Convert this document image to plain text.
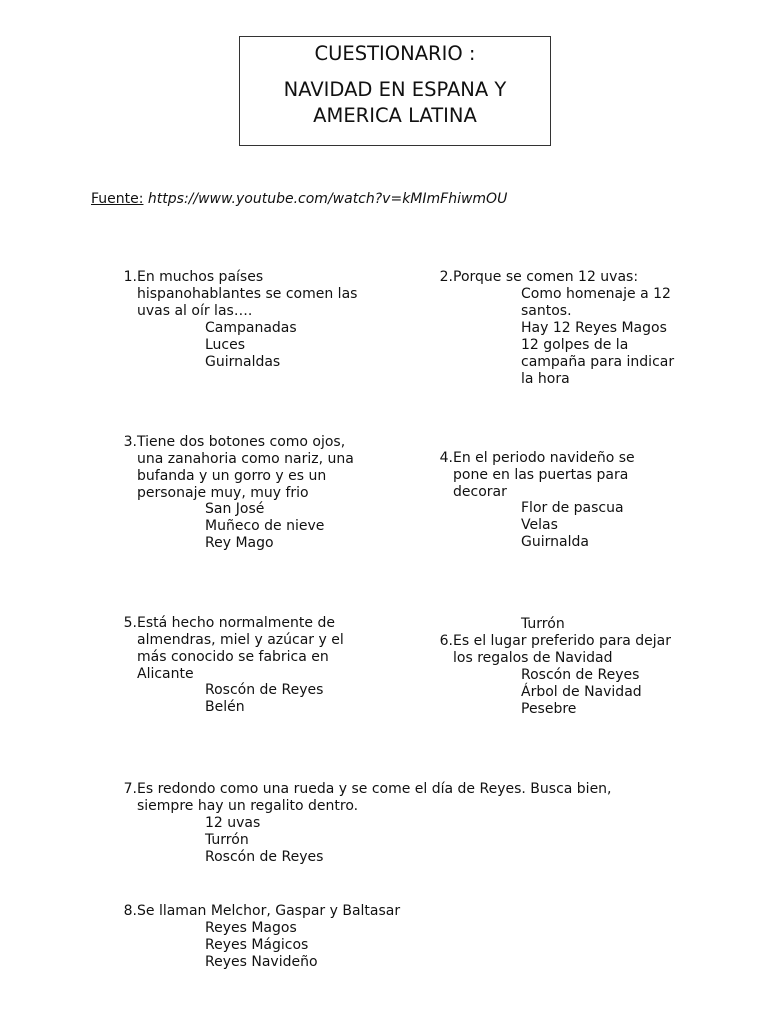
CUESTIONARIO :
NAVIDAD EN ESPANA Y
AMERICA LATINA
Fuente: https://www.youtube.com/watch?v=kMImFhiwmOU
1. En muchos países hispanohablantes se comen las uvas al oír las….
Campanadas
Luces
Guirnaldas
2. Porque se comen 12 uvas:
Como homenaje a 12 santos.
Hay 12 Reyes Magos
12 golpes de la campaña para indicar la hora
3. Tiene dos botones como ojos, una zanahoria como nariz, una bufanda y un gorro y es un personaje muy, muy frio
San José
Muñeco de nieve
Rey Mago
4. En el periodo navideño se pone en las puertas para decorar
Flor de pascua
Velas
Guirnalda
5. Está hecho normalmente de almendras, miel y azúcar y el más conocido se fabrica en Alicante
Roscón de Reyes
Belén
Turrón
6. Es el lugar preferido para dejar los regalos de Navidad
Roscón de Reyes
Árbol de Navidad
Pesebre
7. Es redondo como una rueda y se come el día de Reyes. Busca bien, siempre hay un regalito dentro.
12 uvas
Turrón
Roscón de Reyes
8. Se llaman Melchor, Gaspar y Baltasar
Reyes Magos
Reyes Mágicos
Reyes Navideño
